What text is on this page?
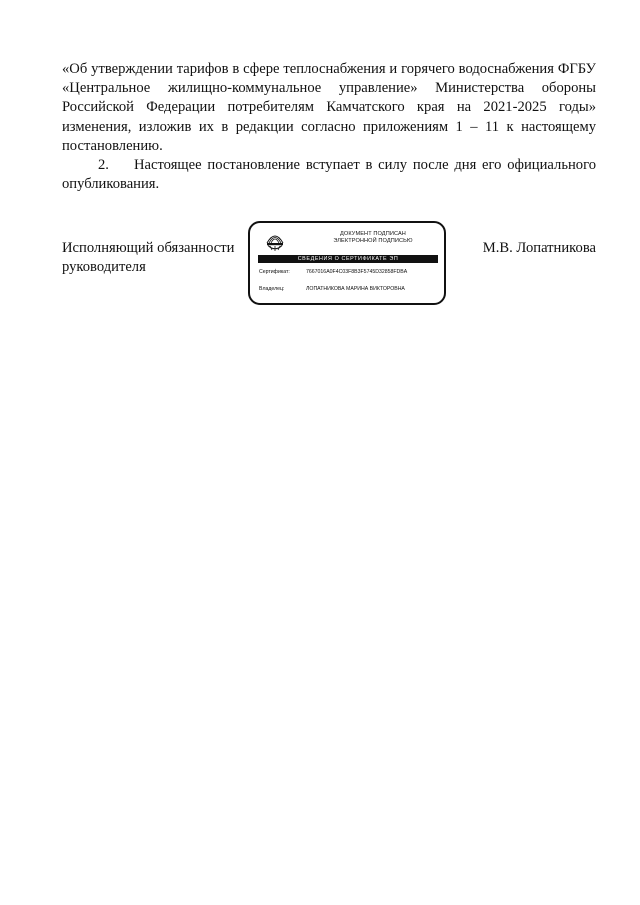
«Об утверждении тарифов в сфере теплоснабжения и горячего водоснабжения ФГБУ «Центральное жилищно-коммунальное управление» Министерства обороны Российской Федерации потребителям Камчатского края на 2021-2025 годы» изменения, изложив их в редакции согласно приложениям 1 – 11 к настоящему постановлению.

2. Настоящее постановление вступает в силу после дня его официального опубликования.

Исполняющий обязанности
руководителя
ДОКУМЕНТ ПОДПИСАН
ЭЛЕКТРОННОЙ ПОДПИСЬЮ
СВЕДЕНИЯ О СЕРТИФИКАТЕ ЭП
Сертификат:	7667016A0F4C03F8B3F5745D32858FDBA
Владелец:	ЛОПАТНИКОВА МАРИНА ВИКТОРОВНА
М.В. Лопатникова
